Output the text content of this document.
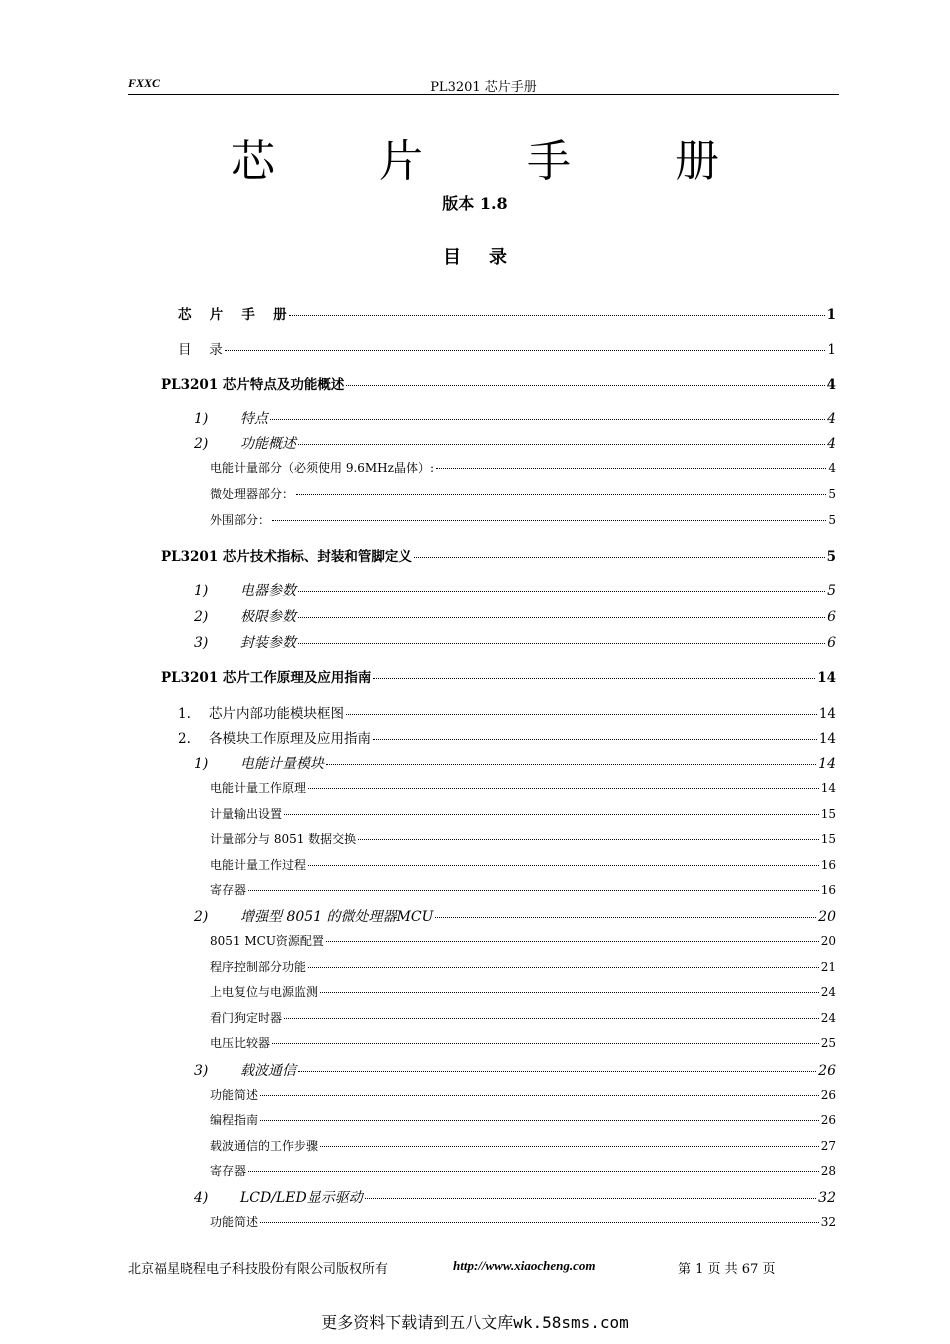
FXXC	PL3201 芯片手册
芯 片 手 册
版本 1.8
目 录
芯　 片　 手　 册	1
目　 录	1
PL3201 芯片特点及功能概述	4
1)	特点	4
2)	功能概述	4
电能计量部分（必须使用 9.6MHz晶体）:	4
微处理器部分：	5
外围部分：	5
PL3201 芯片技术指标、封装和管脚定义	5
1)	电器参数	5
2)	极限参数	6
3)	封装参数	6
PL3201 芯片工作原理及应用指南	14
1.	芯片内部功能模块框图	14
2.	各模块工作原理及应用指南	14
1)	电能计量模块	14
电能计量工作原理	14
计量输出设置	15
计量部分与 8051 数据交换	15
电能计量工作过程	16
寄存器	16
2)	增强型 8051 的微处理器MCU	20
8051 MCU资源配置	20
程序控制部分功能	21
上电复位与电源监测	24
看门狗定时器	24
电压比较器	25
3)	载波通信	26
功能简述	26
编程指南	26
载波通信的工作步骤	27
寄存器	28
4)	LCD/LED显示驱动	32
功能简述	32
北京福星晓程电子科技股份有限公司版权所有	http://www.xiaocheng.com	第 1 页 共 67 页
更多资料下载请到五八文库wk.58sms.com
